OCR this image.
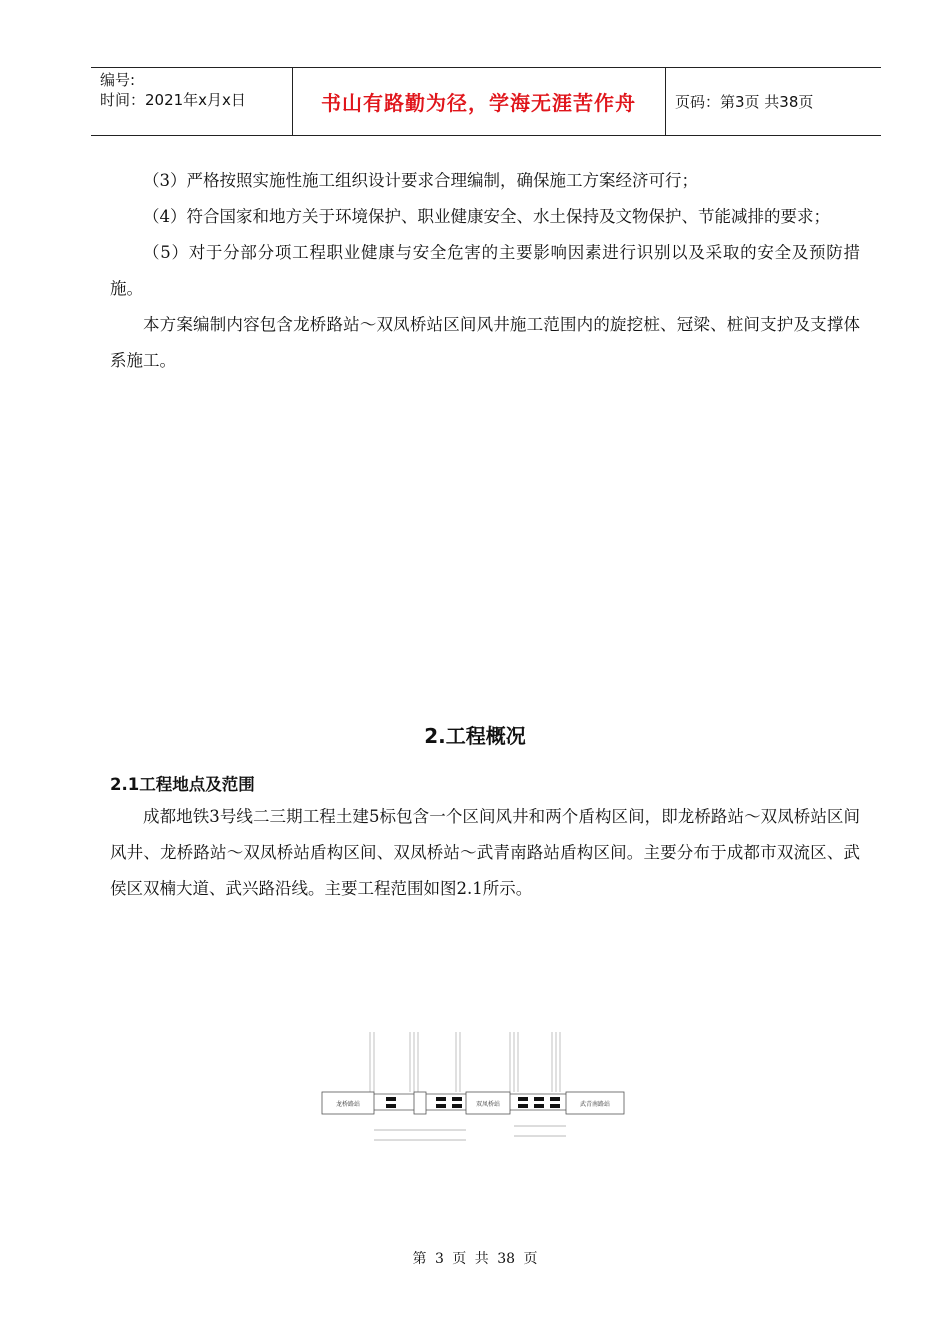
编号:
时间：2021年x月x日	书山有路勤为径，学海无涯苦作舟	页码：第3页 共38页

（3）严格按照实施性施工组织设计要求合理编制，确保施工方案经济可行；

（4）符合国家和地方关于环境保护、职业健康安全、水土保持及文物保护、节能减排的要求；

（5）对于分部分项工程职业健康与安全危害的主要影响因素进行识别以及采取的安全及预防措施。

本方案编制内容包含龙桥路站～双凤桥站区间风井施工范围内的旋挖桩、冠梁、桩间支护及支撑体系施工。

2.工程概况
2.1工程地点及范围

成都地铁3号线二三期工程土建5标包含一个区间风井和两个盾构区间，即龙桥路站～双凤桥站区间风井、龙桥路站～双凤桥站盾构区间、双凤桥站～武青南路站盾构区间。主要分布于成都市双流区、武侯区双楠大道、武兴路沿线。主要工程范围如图2.1所示。

龙桥路站	双凤桥站	武青南路站
第 3 页 共 38 页
